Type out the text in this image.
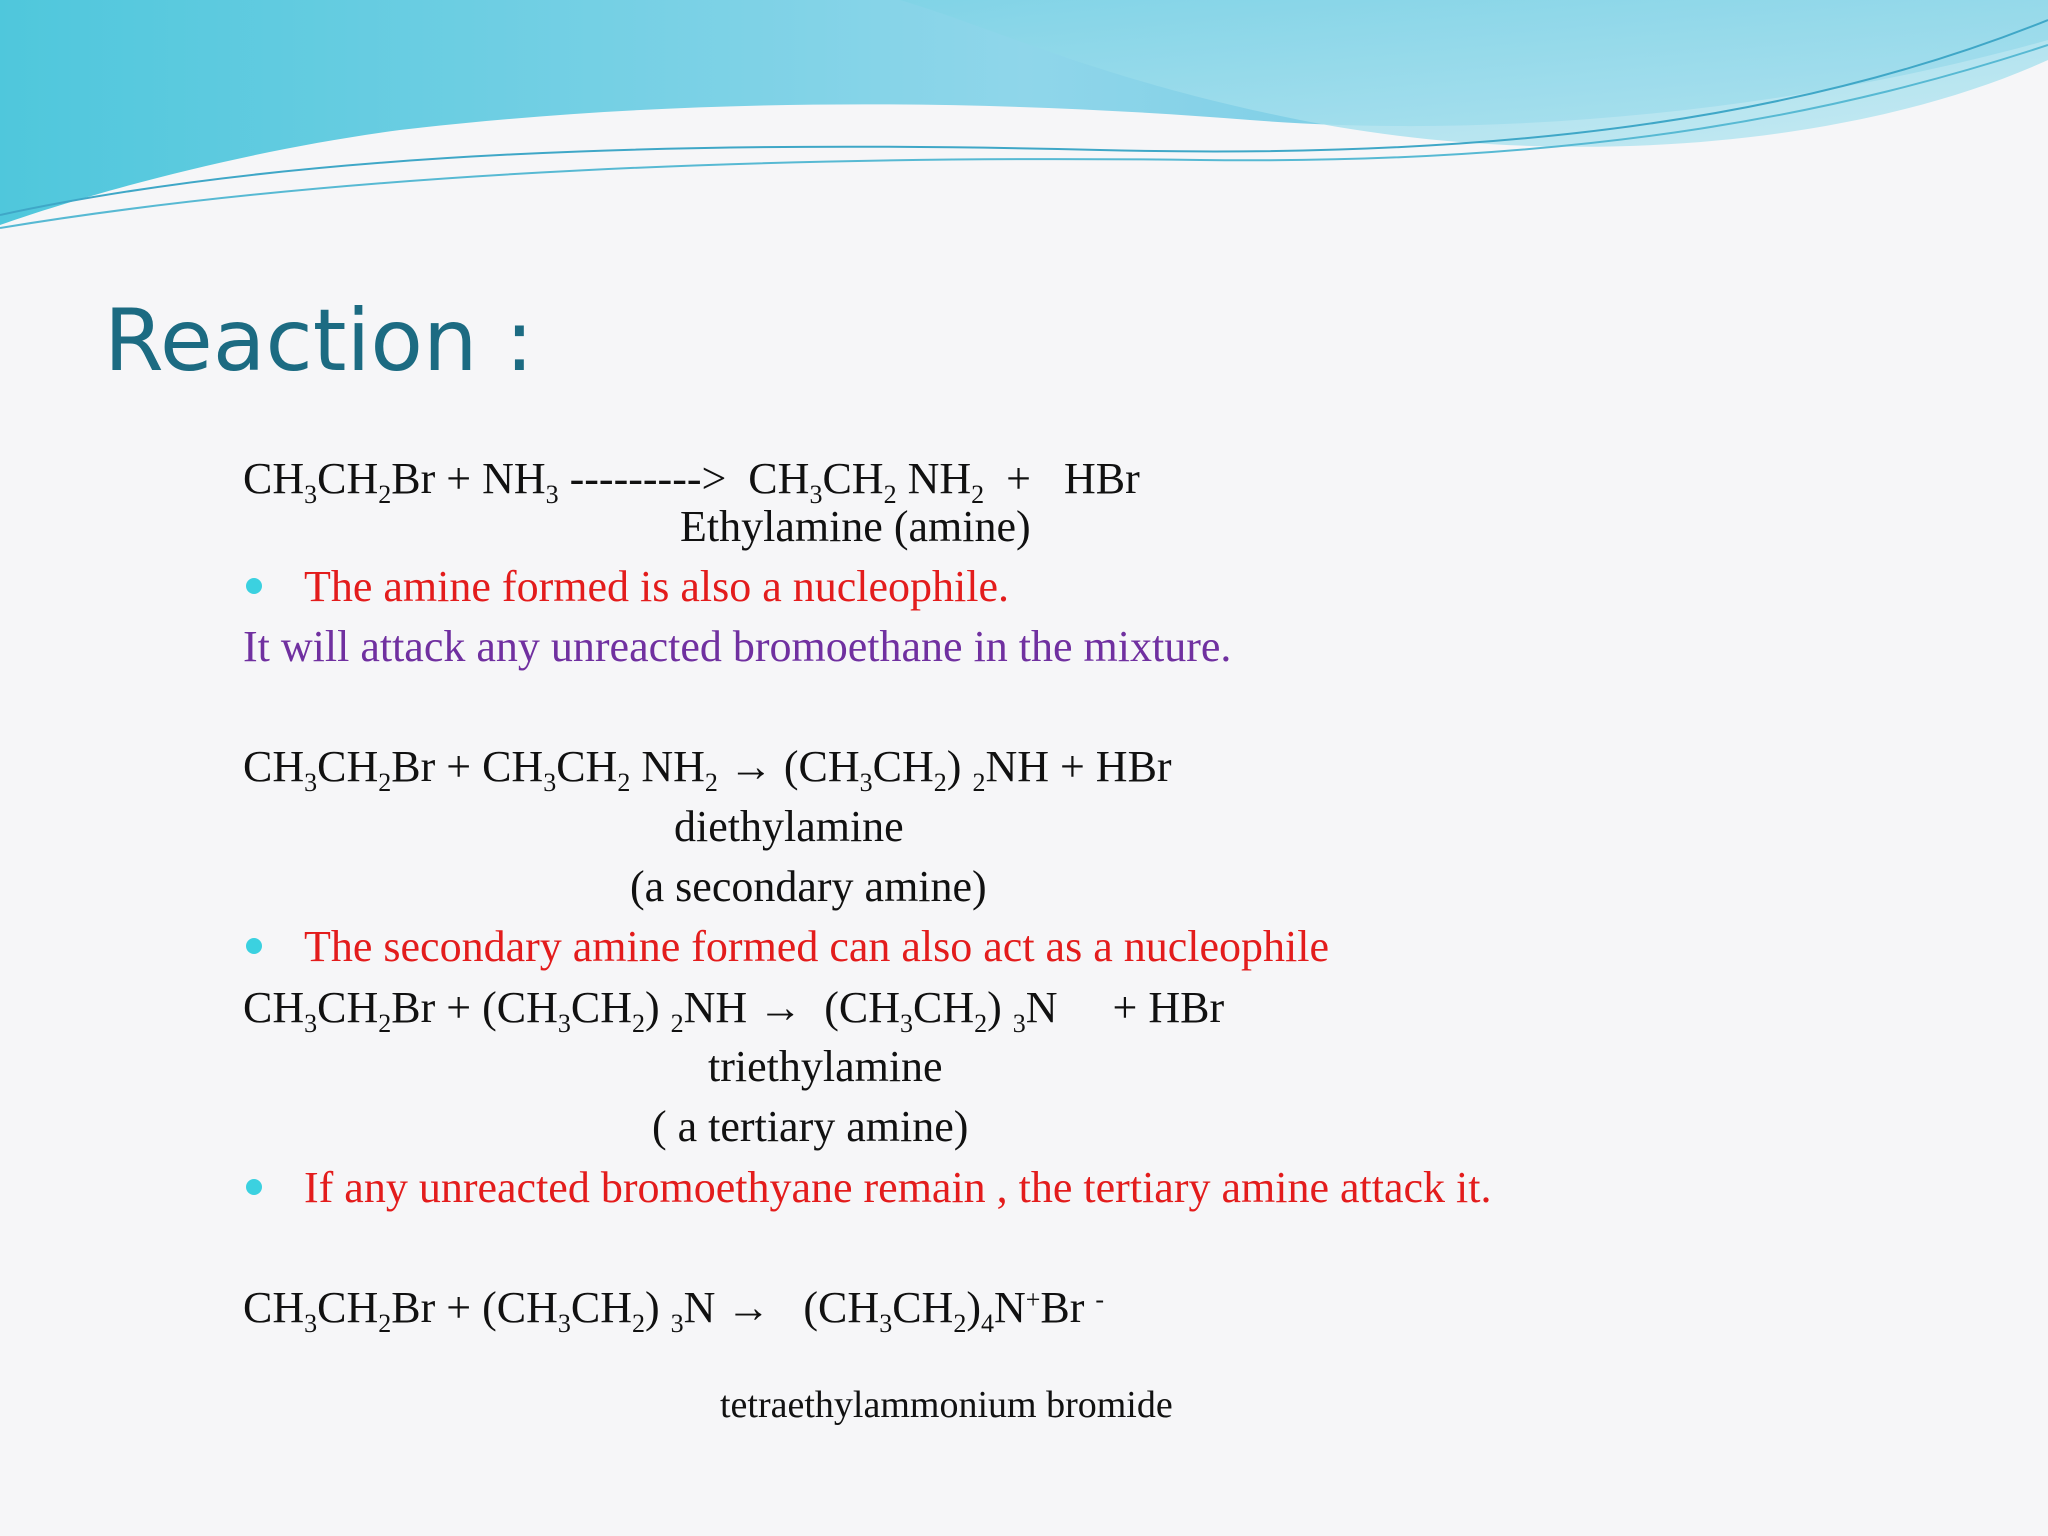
Reaction :
$CH_3CH_2Br + NH_3$ --------->  $CH_3CH_2$ $NH_2$  +   HBr
Ethylamine (amine)
The amine formed is also a nucleophile.
It will attack any unreacted bromoethane in the mixture.
$CH_3CH_2Br + CH_3CH_2$ $NH_2 \to (CH_3CH_2) _2NH$ + HBr
diethylamine
(a secondary amine)
The secondary amine formed can also act as a nucleophile
$CH_3CH_2Br + (CH_3CH_2) _2NH \to (CH_3CH_2)$ $_3$N     + HBr
triethylamine
( a tertiary amine)
If any unreacted bromoethyane remain , the tertiary amine attack it.
$CH_3CH_2Br + (CH_3CH_2) _3N \to (CH_3CH_2)_4N^+Br$ -
tetraethylammonium bromide
